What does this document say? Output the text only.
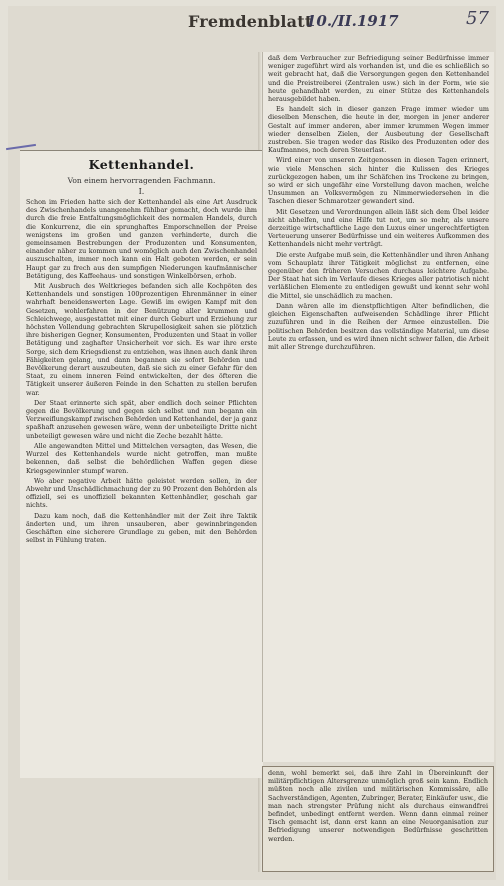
Fremdenblatt
10./II.1917	57
Kettenhandel.
Von einem hervorragenden Fachmann.
I.

Schon im Frieden hatte sich der Kettenhandel als eine Art Ausdruck des Zwischenhandels unangenehm fühlbar gemacht, doch wurde ihm durch die freie Entfaltungsmöglichkeit des normalen Handels, durch die Konkurrenz, die ein sprunghaftes Emporschnellen der Preise wenigstens im großen und ganzen verhinderte, durch die gemeinsamen Bestrebungen der Produzenten und Konsumenten, einander näher zu kommen und womöglich auch den Zwischenhandel auszuschalten, immer noch kann ein Halt geboten werden, er sein Haupt gar zu frech aus den sumpfigen Niederungen kaufmännischer Betätigung, des Kaffeehaus- und sonstigen Winkelbörsen, erhob.

Mit Ausbruch des Weltkrieges befanden sich alle Kochpöten des Kettenhandels und sonstigen 100prozentigen Ehrenmänner in einer wahrhaft beneidenswerten Lage. Gewiß im ewigen Kampf mit den Gesetzen, wohlerfahren in der Benützung aller krummen und Schleichwege, ausgestattet mit einer durch Geburt und Erziehung zur höchsten Vollendung gebrachten Skrupellosigkeit sahen sie plötzlich ihre bisherigen Gegner, Konsumenten, Produzenten und Staat in voller Betätigung und zaghafter Unsicherheit vor sich. Es war ihre erste Sorge, sich dem Kriegsdienst zu entziehen, was ihnen auch dank ihren Fähigkeiten gelang, und dann begannen sie sofort Behörden und Bevölkerung derart auszubeuten, daß sie sich zu einer Gefahr für den Staat, zu einem inneren Feind entwickelten, der des öfteren die Tätigkeit unserer äußeren Feinde in den Schatten zu stellen berufen war.

Der Staat erinnerte sich spät, aber endlich doch seiner Pflichten gegen die Bevölkerung und gegen sich selbst und nun begann ein Verzweiflungskampf zwischen Behörden und Kettenhandel, der ja ganz spaßhaft anzusehen gewesen wäre, wenn der unbeteiligte Dritte nicht unbeteiligt gewesen wäre und nicht die Zeche bezahlt hätte.

Alle angewandten Mittel und Mittelchen versagten, das Wesen, die Wurzel des Kettenhandels wurde nicht getroffen, man mußte bekennen, daß selbst die behördlichen Waffen gegen diese Kriegsgewinnler stumpf waren.

Wo aber negative Arbeit hätte geleistet werden sollen, in der Abwehr und Unschädlichmachung der zu 90 Prozent den Behörden als offiziell, sei es unoffiziell bekannten Kettenhändler, geschah gar nichts.

Dazu kam noch, daß die Kettenhändler mit der Zeit ihre Taktik änderten und, um ihren unsauberen, aber gewinnbringenden Geschäften eine sicherere Grundlage zu geben, mit den Behörden selbst in Fühlung traten.

daß dem Verbraucher zur Befriedigung seiner Bedürfnisse immer weniger zugeführt wird als vorhanden ist, und die es schließlich so weit gebracht hat, daß die Versorgungen gegen den Kettenhandel und die Preistreiberei (Zentralen usw.) sich in der Form, wie sie heute gehandhabt werden, zu einer Stütze des Kettenhandels herausgebildet haben.

Es handelt sich in dieser ganzen Frage immer wieder um dieselben Menschen, die heute in der, morgen in jener anderer Gestalt auf immer anderen, aber immer krummen Wegen immer wieder denselben Zielen, der Ausbeutung der Gesellschaft zustreben. Sie tragen weder das Risiko des Produzenten oder des Kaufmannes, noch deren Steuerlast.

Wird einer von unseren Zeitgenossen in diesen Tagen erinnert, wie viele Menschen sich hinter die Kulissen des Krieges zurückgezogen haben, um ihr Schäfchen ins Trockene zu bringen, so wird er sich ungefähr eine Vorstellung davon machen, welche Unsummen an Volksvermögen zu Nimmerwiedersehen in die Taschen dieser Schmarotzer gewandert sind.

Mit Gesetzen und Verordnungen allein läßt sich dem Übel leider nicht abhelfen, und eine Hilfe tut not, um so mehr, als unsere derzeitige wirtschaftliche Lage den Luxus einer ungerechtfertigten Verteuerung unserer Bedürfnisse und ein weiteres Aufkommen des Kettenhandels nicht mehr verträgt.

Die erste Aufgabe muß sein, die Kettenhändler und ihren Anhang vom Schauplatz ihrer Tätigkeit möglichst zu entfernen, eine gegenüber den früheren Versuchen durchaus leichtere Aufgabe. Der Staat hat sich im Verlaufe dieses Krieges aller patriotisch nicht verläßlichen Elemente zu entledigen gewußt und kennt sehr wohl die Mittel, sie unschädlich zu machen.

Dann wären alle im dienstpflichtigen Alter befindlichen, die gleichen Eigenschaften aufweisenden Schädlinge ihrer Pflicht zuzuführen und in die Reihen der Armee einzustellen. Die politischen Behörden besitzen das vollständige Material, um diese Leute zu erfassen, und es wird ihnen nicht schwer fallen, die Arbeit mit aller Strenge durchzuführen.

denn, wohl bemerkt sei, daß ihre Zahl in Übereinkunft der militärpflichtigen Altersgrenze unmöglich groß sein kann. Endlich müßten noch alle zivilen und militärischen Kommissäre, alle Sachverständigen, Agenten, Zubringer, Berater, Einkäufer usw., die man nach strengster Prüfung nicht als durchaus einwandfrei befindet, unbedingt entfernt werden. Wenn dann einmal reiner Tisch gemacht ist, dann erst kann an eine Neuorganisation zur Befriedigung unserer notwendigen Bedürfnisse geschritten werden.
